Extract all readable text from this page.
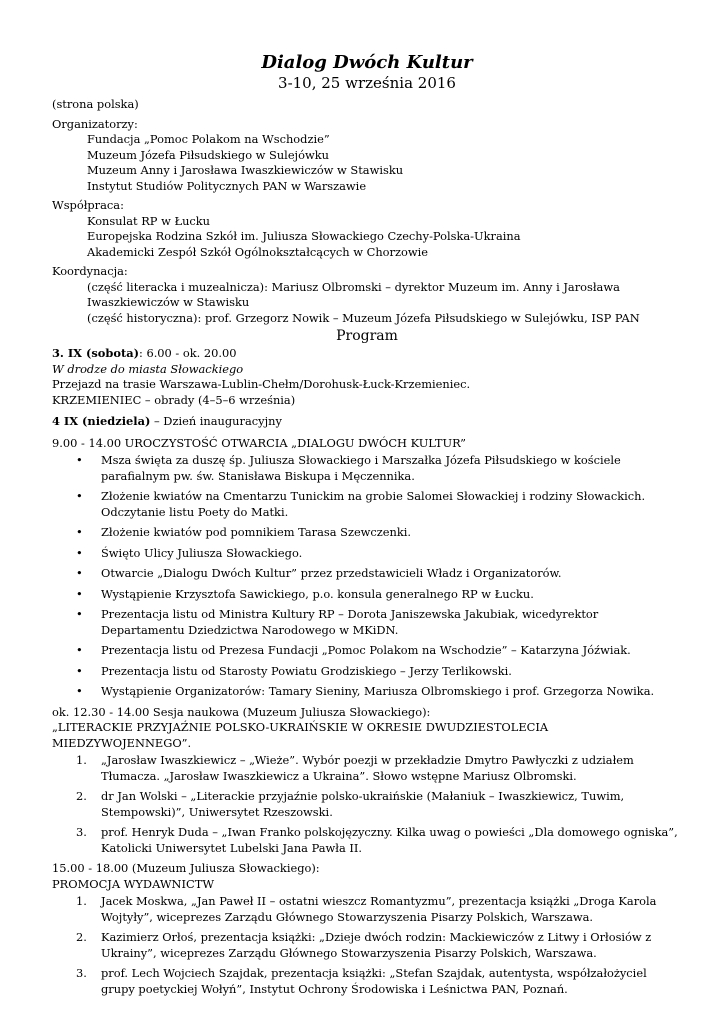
Dialog Dwóch Kultur
3-10, 25 września 2016
(strona polska)
Organizatorzy:
Fundacja „Pomoc Polakom na Wschodzie”
Muzeum Józefa Piłsudskiego w Sulejówku
Muzeum Anny i Jarosława Iwaszkiewiczów w Stawisku
Instytut Studiów Politycznych PAN w Warszawie
Współpraca:
Konsulat RP w Łucku
Europejska Rodzina Szkół im. Juliusza Słowackiego Czechy-Polska-Ukraina
Akademicki Zespół Szkół Ogólnokształcących w Chorzowie
Koordynacja:
(część literacka i muzealnicza): Mariusz Olbromski – dyrektor Muzeum im. Anny i Jarosława
Iwaszkiewiczów w Stawisku
(część historyczna): prof. Grzegorz Nowik – Muzeum Józefa Piłsudskiego w Sulejówku, ISP PAN
Program
3. IX (sobota): 6.00 - ok. 20.00
W drodze do miasta Słowackiego
Przejazd na trasie Warszawa-Lublin-Chełm/Dorohusk-Łuck-Krzemieniec.
KRZEMIENIEC – obrady (4–5–6 września)
4 IX (niedziela) – Dzień inauguracyjny
9.00 - 14.00 UROCZYSTOŚĆ OTWARCIA „DIALOGU DWÓCH KULTUR”
• Msza święta za duszę śp. Juliusza Słowackiego i Marszałka Józefa Piłsudskiego w kościele parafialnym pw. św. Stanisława Biskupa i Męczennika.
• Złożenie kwiatów na Cmentarzu Tunickim na grobie Salomei Słowackiej i rodziny Słowackich. Odczytanie listu Poety do Matki.
• Złożenie kwiatów pod pomnikiem Tarasa Szewczenki.
• Święto Ulicy Juliusza Słowackiego.
• Otwarcie „Dialogu Dwóch Kultur” przez przedstawicieli Władz i Organizatorów.
• Wystąpienie Krzysztofa Sawickiego, p.o. konsula generalnego RP w Łucku.
• Prezentacja listu od Ministra Kultury RP – Dorota Janiszewska Jakubiak, wicedyrektor Departamentu Dziedzictwa Narodowego w MKiDN.
• Prezentacja listu od Prezesa Fundacji „Pomoc Polakom na Wschodzie” – Katarzyna Jóźwiak.
• Prezentacja listu od Starosty Powiatu Grodziskiego – Jerzy Terlikowski.
• Wystąpienie Organizatorów: Tamary Sieniny, Mariusza Olbromskiego i prof. Grzegorza Nowika.
ok. 12.30 - 14.00 Sesja naukowa (Muzeum Juliusza Słowackiego):
„LITERACKIE PRZYJAŹNIE POLSKO-UKRAIŃSKIE W OKRESIE DWUDZIESTOLECIA MIEDZYWOJENNEGO”.
1. „Jarosław Iwaszkiewicz – „Wieże”. Wybór poezji w przekładzie Dmytro Pawłyczki z udziałem Tłumacza. „Jarosław Iwaszkiewicz a Ukraina”. Słowo wstępne Mariusz Olbromski.
2. dr Jan Wolski – „Literackie przyjaźnie polsko-ukraińskie (Małaniuk – Iwaszkiewicz, Tuwim, Stempowski)”, Uniwersytet Rzeszowski.
3. prof. Henryk Duda – „Iwan Franko polskojęzyczny. Kilka uwag o powieści „Dla domowego ogniska”, Katolicki Uniwersytet Lubelski Jana Pawła II.
15.00 - 18.00 (Muzeum Juliusza Słowackiego):
PROMOCJA WYDAWNICTW
1. Jacek Moskwa, „Jan Paweł II – ostatni wieszcz Romantyzmu”, prezentacja książki „Droga Karola Wojtyły”, wiceprezes Zarządu Głównego Stowarzyszenia Pisarzy Polskich, Warszawa.
2. Kazimierz Orłoś, prezentacja książki: „Dzieje dwóch rodzin: Mackiewiczów z Litwy i Orłosiów z Ukrainy”, wiceprezes Zarządu Głównego Stowarzyszenia Pisarzy Polskich, Warszawa.
3. prof. Lech Wojciech Szajdak, prezentacja książki: „Stefan Szajdak, autentysta, współzałożyciel grupy poetyckiej Wołyń”, Instytut Ochrony Środowiska i Leśnictwa PAN, Poznań.
